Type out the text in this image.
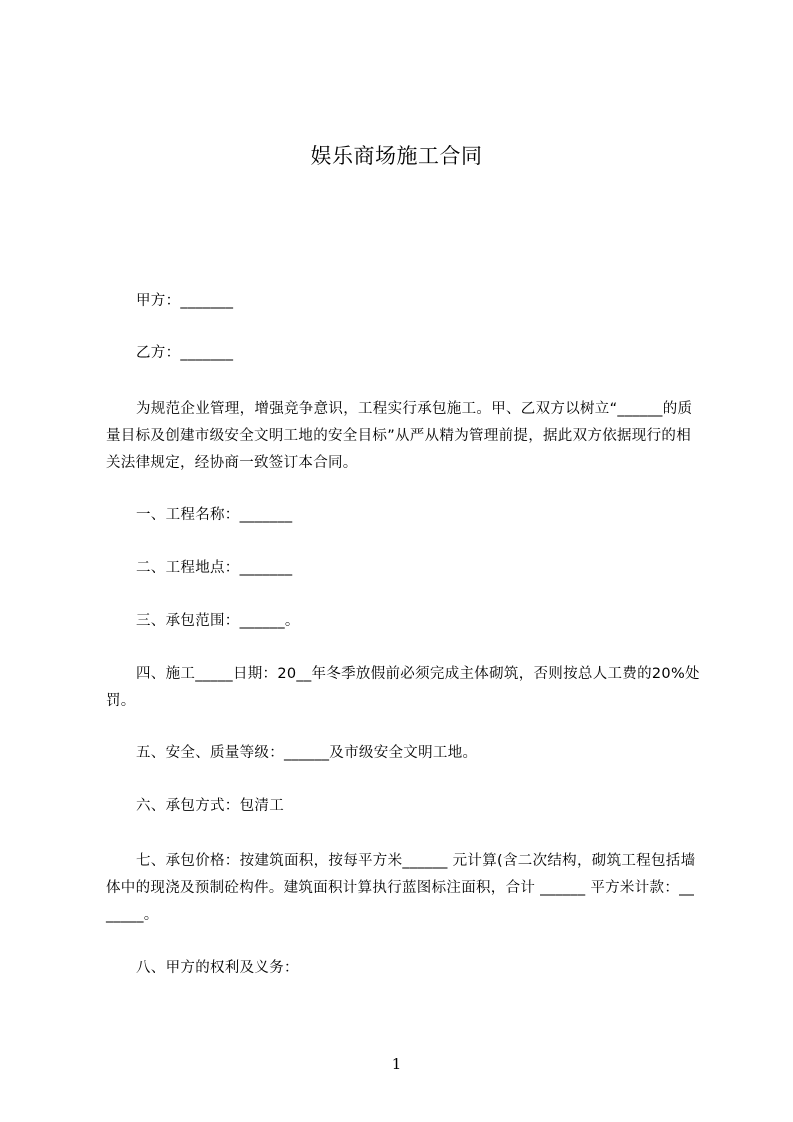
娱乐商场施工合同
甲方：_______
乙方：_______
为规范企业管理，增强竞争意识，工程实行承包施工。甲、乙双方以树立“______的质量目标及创建市级安全文明工地的安全目标”从严从精为管理前提，据此双方依据现行的相关法律规定，经协商一致签订本合同。
一、工程名称：_______
二、工程地点：_______
三、承包范围：______。
四、施工_____日期：20__年冬季放假前必须完成主体砌筑，否则按总人工费的20%处罚。
五、安全、质量等级：______及市级安全文明工地。
六、承包方式：包清工
七、承包价格：按建筑面积，按每平方米______ 元计算(含二次结构，砌筑工程包括墙体中的现浇及预制砼构件。建筑面积计算执行蓝图标注面积，合计 ______ 平方米计款：_______。
八、甲方的权利及义务：
1
